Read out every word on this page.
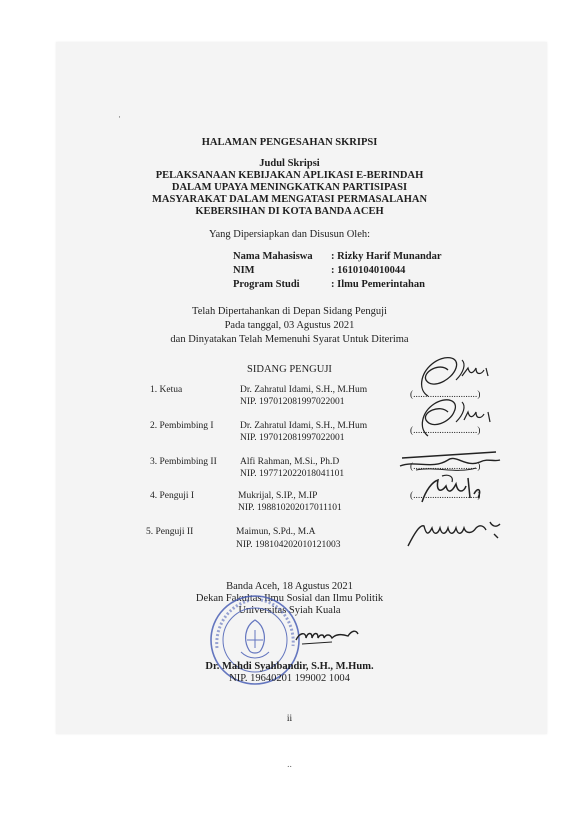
·
HALAMAN PENGESAHAN SKRIPSI
Judul Skripsi
PELAKSANAAN KEBIJAKAN APLIKASI E-BERINDAH
DALAM UPAYA MENINGKATKAN PARTISIPASI
MASYARAKAT DALAM MENGATASI PERMASALAHAN
KEBERSIHAN DI KOTA BANDA ACEH
Yang Dipersiapkan dan Disusun Oleh:
Nama Mahasiswa : Rizky Harif Munandar
NIM	: 1610104010044
Program Studi	: Ilmu Pemerintahan
Telah Dipertahankan di Depan Sidang Penguji
Pada tanggal, 03 Agustus 2021
dan Dinyatakan Telah Memenuhi Syarat Untuk Diterima
SIDANG PENGUJI
1. Ketua	Dr. Zahratul Idami, S.H., M.Hum
NIP. 197012081997022001
(...........................)
2. Pembimbing I	Dr. Zahratul Idami, S.H., M.Hum
NIP. 197012081997022001
(...........................)
3. Pembimbing II Alfi Rahman, M.Si., Ph.D
NIP. 197712022018041101
(...........................)
4. Penguji I	Mukrijal, S.IP., M.IP
NIP. 198810202017011101
(...........................)
5. Penguji II	Maimun, S.Pd., M.A
NIP. 198104202010121003
Banda Aceh, 18 Agustus 2021
Dekan Fakultas Ilmu Sosial dan Ilmu Politik
Universitas Syiah Kuala
Dr. Mahdi Syahbandir, S.H., M.Hum.
NIP. 19640201 199002 1004
ii
..
